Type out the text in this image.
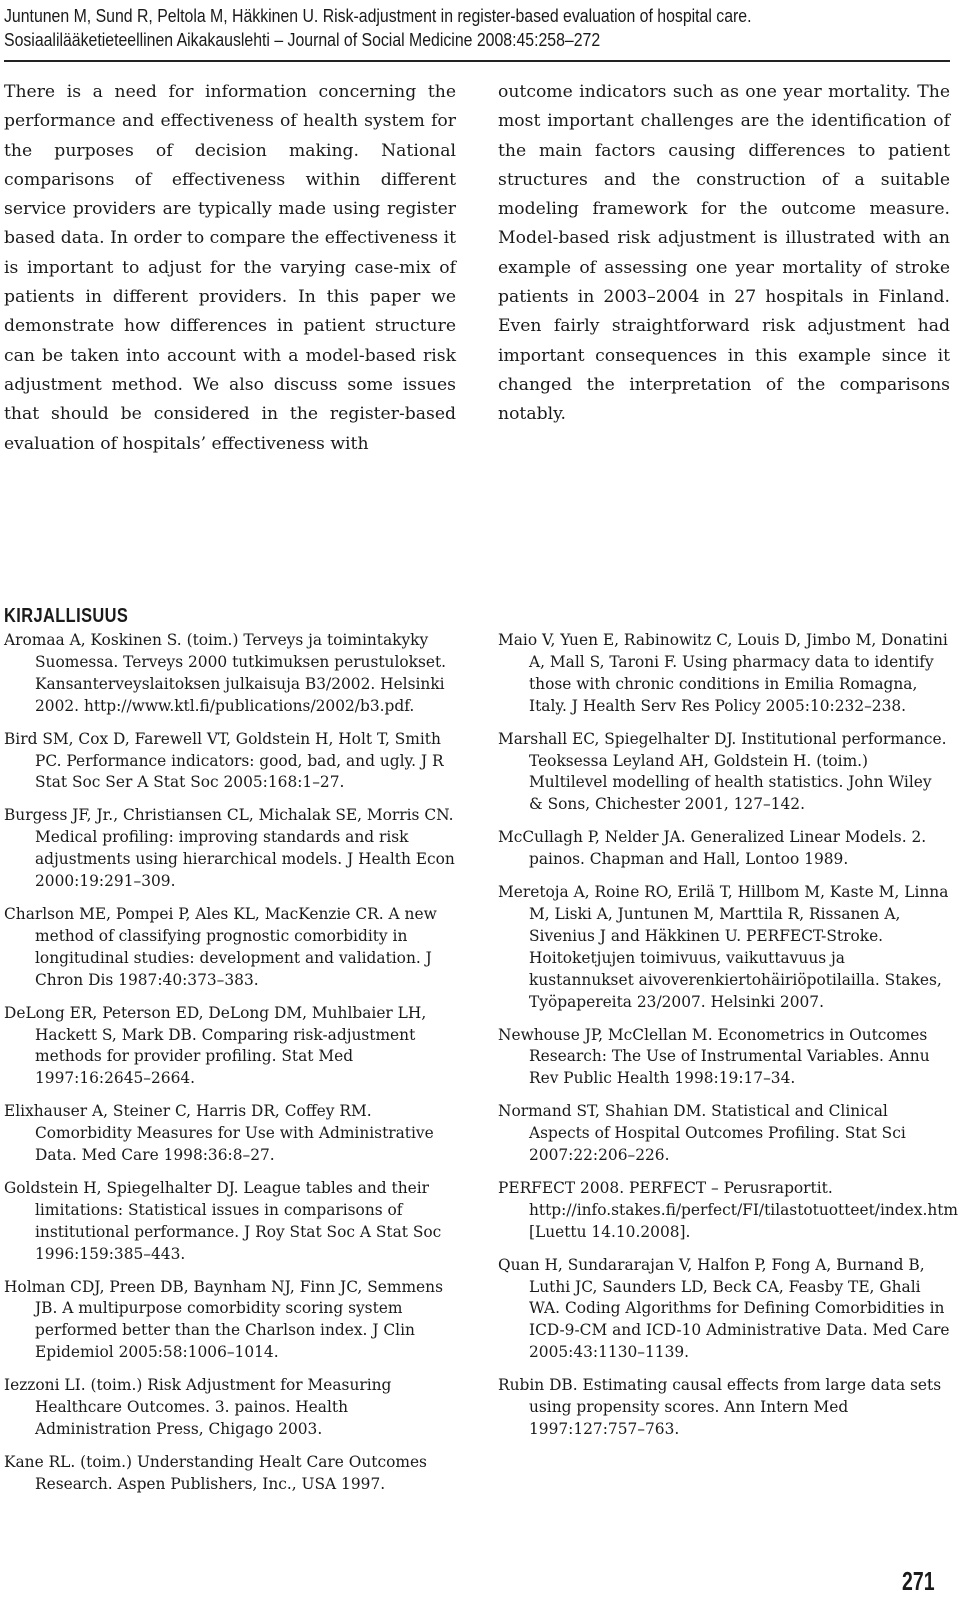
Juntunen M, Sund R, Peltola M, Häkkinen U. Risk-adjustment in register-based evaluation of hospital care.
Sosiaalilääketieteellinen Aikakauslehti – Journal of Social Medicine 2008:45:258–272
There is a need for information concerning the performance and effectiveness of health system for the purposes of decision making. National comparisons of effectiveness within different service providers are typically made using register based data. In order to compare the effectiveness it is important to adjust for the varying case-mix of patients in different providers. In this paper we demonstrate how differences in patient structure can be taken into account with a model-based risk adjustment method. We also discuss some issues that should be considered in the register-based evaluation of hospitals’ effectiveness with
outcome indicators such as one year mortality. The most important challenges are the identification of the main factors causing differences to patient structures and the construction of a suitable modeling framework for the outcome measure. Model-based risk adjustment is illustrated with an example of assessing one year mortality of stroke patients in 2003–2004 in 27 hospitals in Finland. Even fairly straightforward risk adjustment had important consequences in this example since it changed the interpretation of the comparisons notably.
KIRJALLISUUS

Aromaa A, Koskinen S. (toim.) Terveys ja toimintakyky Suomessa. Terveys 2000 tutkimuksen perustulokset. Kansanterveyslaitoksen julkaisuja B3/2002. Helsinki 2002. http://www.ktl.fi/publications/2002/b3.pdf.

Bird SM, Cox D, Farewell VT, Goldstein H, Holt T, Smith PC. Performance indicators: good, bad, and ugly. J R Stat Soc Ser A Stat Soc 2005:168:1–27.

Burgess JF, Jr., Christiansen CL, Michalak SE, Morris CN. Medical profiling: improving standards and risk adjustments using hierarchical models. J Health Econ 2000:19:291–309.

Charlson ME, Pompei P, Ales KL, MacKenzie CR. A new method of classifying prognostic comorbidity in longitudinal studies: development and validation. J Chron Dis 1987:40:373–383.

DeLong ER, Peterson ED, DeLong DM, Muhlbaier LH, Hackett S, Mark DB. Comparing risk-adjustment methods for provider profiling. Stat Med 1997:16:2645–2664.

Elixhauser A, Steiner C, Harris DR, Coffey RM. Comorbidity Measures for Use with Administrative Data. Med Care 1998:36:8–27.

Goldstein H, Spiegelhalter DJ. League tables and their limitations: Statistical issues in comparisons of institutional performance. J Roy Stat Soc A Stat Soc 1996:159:385–443.

Holman CDJ, Preen DB, Baynham NJ, Finn JC, Semmens JB. A multipurpose comorbidity scoring system performed better than the Charlson index. J Clin Epidemiol 2005:58:1006–1014.

Iezzoni LI. (toim.) Risk Adjustment for Measuring Healthcare Outcomes. 3. painos. Health Administration Press, Chigago 2003.

Kane RL. (toim.) Understanding Healt Care Outcomes Research. Aspen Publishers, Inc., USA 1997.

Maio V, Yuen E, Rabinowitz C, Louis D, Jimbo M, Donatini A, Mall S, Taroni F. Using pharmacy data to identify those with chronic conditions in Emilia Romagna, Italy. J Health Serv Res Policy 2005:10:232–238.

Marshall EC, Spiegelhalter DJ. Institutional performance. Teoksessa Leyland AH, Goldstein H. (toim.) Multilevel modelling of health statistics. John Wiley & Sons, Chichester 2001, 127–142.

McCullagh P, Nelder JA. Generalized Linear Models. 2. painos. Chapman and Hall, Lontoo 1989.

Meretoja A, Roine RO, Erilä T, Hillbom M, Kaste M, Linna M, Liski A, Juntunen M, Marttila R, Rissanen A, Sivenius J and Häkkinen U. PERFECT-Stroke. Hoitoketjujen toimivuus, vaikuttavuus ja kustannukset aivoverenkiertohäiriöpotilailla. Stakes, Työpapereita 23/2007. Helsinki 2007.

Newhouse JP, McClellan M. Econometrics in Outcomes Research: The Use of Instrumental Variables. Annu Rev Public Health 1998:19:17–34.

Normand ST, Shahian DM. Statistical and Clinical Aspects of Hospital Outcomes Profiling. Stat Sci 2007:22:206–226.

PERFECT 2008. PERFECT – Perusraportit. http://info.stakes.fi/perfect/FI/tilastotuotteet/index.htm [Luettu 14.10.2008].

Quan H, Sundararajan V, Halfon P, Fong A, Burnand B, Luthi JC, Saunders LD, Beck CA, Feasby TE, Ghali WA. Coding Algorithms for Defining Comorbidities in ICD-9-CM and ICD-10 Administrative Data. Med Care 2005:43:1130–1139.

Rubin DB. Estimating causal effects from large data sets using propensity scores. Ann Intern Med 1997:127:757–763.

271
